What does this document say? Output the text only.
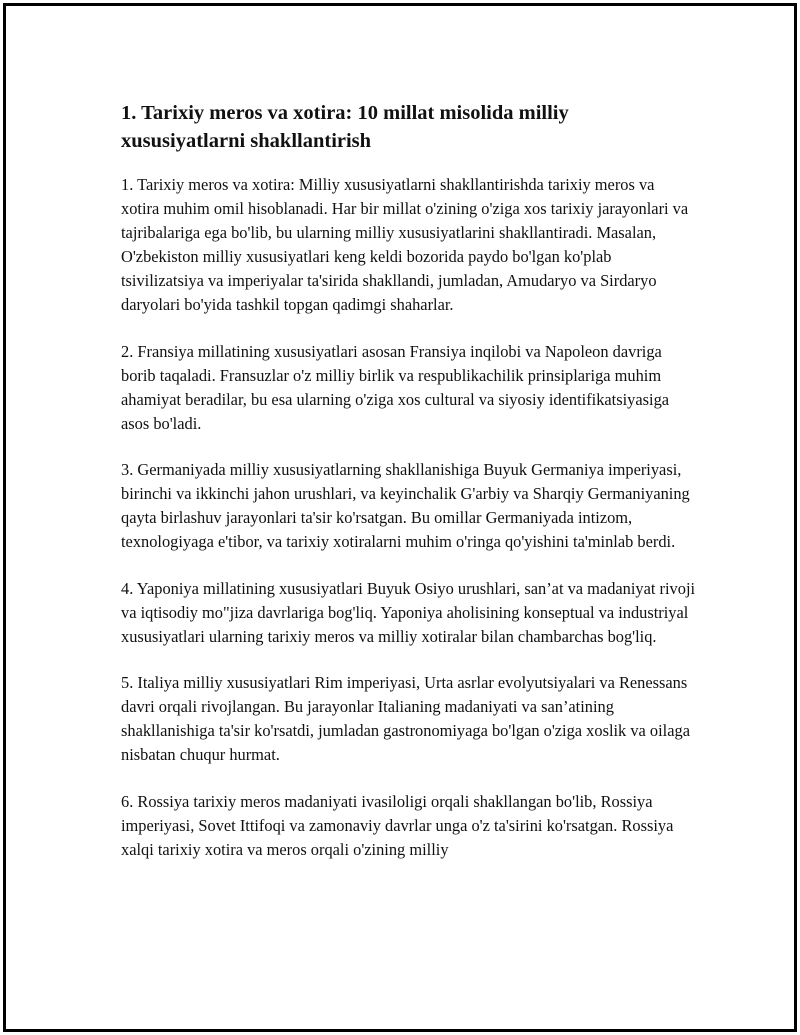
1. Tarixiy meros va xotira: 10 millat misolida milliy xususiyatlarni shakllantirish

1. Tarixiy meros va xotira: Milliy xususiyatlarni shakllantirishda tarixiy meros va xotira muhim omil hisoblanadi. Har bir millat o'zining o'ziga xos tarixiy jarayonlari va tajribalariga ega bo'lib, bu ularning milliy xususiyatlarini shakllantiradi. Masalan, O'zbekiston milliy xususiyatlari keng keldi bozorida paydo bo'lgan ko'plab tsivilizatsiya va imperiyalar ta'sirida shakllandi, jumladan, Amudaryo va Sirdaryo daryolari bo'yida tashkil topgan qadimgi shaharlar.

2. Fransiya millatining xususiyatlari asosan Fransiya inqilobi va Napoleon davriga borib taqaladi. Fransuzlar o'z milliy birlik va respublikachilik prinsiplariga muhim ahamiyat beradilar, bu esa ularning o'ziga xos cultural va siyosiy identifikatsiyasiga asos bo'ladi.

3. Germaniyada milliy xususiyatlarning shakllanishiga Buyuk Germaniya imperiyasi, birinchi va ikkinchi jahon urushlari, va keyinchalik G'arbiy va Sharqiy Germaniyaning qayta birlashuv jarayonlari ta'sir ko'rsatgan. Bu omillar Germaniyada intizom, texnologiyaga e'tibor, va tarixiy xotiralarni muhim o'ringa qo'yishini ta'minlab berdi.

4. Yaponiya millatining xususiyatlari Buyuk Osiyo urushlari, san’at va madaniyat rivoji va iqtisodiy mo"jiza davrlariga bog'liq. Yaponiya aholisining konseptual va industriyal xususiyatlari ularning tarixiy meros va milliy xotiralar bilan chambarchas bog'liq.

5. Italiya milliy xususiyatlari Rim imperiyasi, Urta asrlar evolyutsiyalari va Renessans davri orqali rivojlangan. Bu jarayonlar Italianing madaniyati va san’atining shakllanishiga ta'sir ko'rsatdi, jumladan gastronomiyaga bo'lgan o'ziga xoslik va oilaga nisbatan chuqur hurmat.

6. Rossiya tarixiy meros madaniyati ivasiloligi orqali shakllangan bo'lib, Rossiya imperiyasi, Sovet Ittifoqi va zamonaviy davrlar unga o'z ta'sirini ko'rsatgan. Rossiya xalqi tarixiy xotira va meros orqali o'zining milliy
